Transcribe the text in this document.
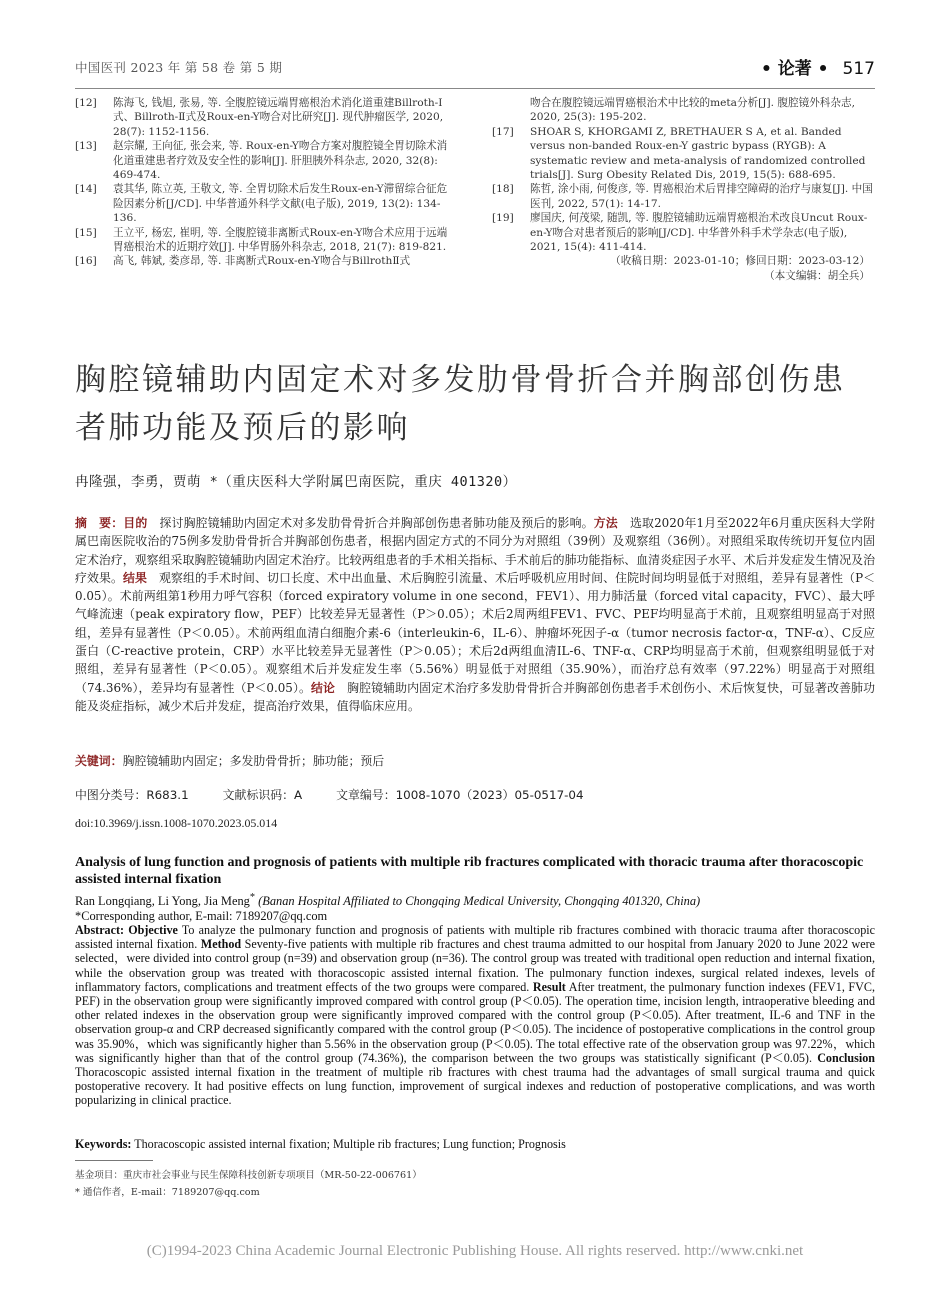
中国医刊 2023 年 第 58 卷 第 5 期	• 论著 • 517
[12]	陈海飞, 钱旭, 张易, 等. 全腹腔镜远端胃癌根治术消化道重建Billroth-Ⅰ式、Billroth-Ⅱ式及Roux-en-Y吻合对比研究[J]. 现代肿瘤医学, 2020, 28(7): 1152-1156.
[13]	赵宗耀, 王向征, 张会来, 等. Roux-en-Y吻合方案对腹腔镜全胃切除术消化道重建患者疗效及安全性的影响[J]. 肝胆胰外科杂志, 2020, 32(8): 469-474.
[14]	袁其华, 陈立英, 王敬文, 等. 全胃切除术后发生Roux-en-Y滞留综合征危险因素分析[J/CD]. 中华普通外科学文献(电子版), 2019, 13(2): 134-136.
[15]	王立平, 杨宏, 崔明, 等. 全腹腔镜非离断式Roux-en-Y吻合术应用于远端胃癌根治术的近期疗效[J]. 中华胃肠外科杂志, 2018, 21(7): 819-821.
[16]	高飞, 韩斌, 娄彦昂, 等. 非离断式Roux-en-Y吻合与BillrothⅡ式
吻合在腹腔镜远端胃癌根治术中比较的meta分析[J]. 腹腔镜外科杂志, 2020, 25(3): 195-202.
[17]	SHOAR S, KHORGAMI Z, BRETHAUER S A, et al. Banded versus non-banded Roux-en-Y gastric bypass (RYGB): A systematic review and meta-analysis of randomized controlled trials[J]. Surg Obesity Related Dis, 2019, 15(5): 688-695.
[18]	陈哲, 涂小雨, 何俊彦, 等. 胃癌根治术后胃排空障碍的治疗与康复[J]. 中国医刊, 2022, 57(1): 14-17.
[19]	廖国庆, 何茂梁, 随凯, 等. 腹腔镜辅助远端胃癌根治术改良Uncut Roux-en-Y吻合对患者预后的影响[J/CD]. 中华普外科手术学杂志(电子版), 2021, 15(4): 411-414.
（收稿日期：2023-01-10；修回日期：2023-03-12）
（本文编辑：胡全兵）
胸腔镜辅助内固定术对多发肋骨骨折合并胸部创伤患者肺功能及预后的影响
冉隆强，李勇，贾萌 *（重庆医科大学附属巴南医院，重庆 401320）
摘　要：目的　探讨胸腔镜辅助内固定术对多发肋骨骨折合并胸部创伤患者肺功能及预后的影响。方法　选取2020年1月至2022年6月重庆医科大学附属巴南医院收治的75例多发肋骨骨折合并胸部创伤患者，根据内固定方式的不同分为对照组（39例）及观察组（36例）。对照组采取传统切开复位内固定术治疗，观察组采取胸腔镜辅助内固定术治疗。比较两组患者的手术相关指标、手术前后的肺功能指标、血清炎症因子水平、术后并发症发生情况及治疗效果。结果　观察组的手术时间、切口长度、术中出血量、术后胸腔引流量、术后呼吸机应用时间、住院时间均明显低于对照组，差异有显著性（P＜0.05）。术前两组第1秒用力呼气容积（forced expiratory volume in one second，FEV1）、用力肺活量（forced vital capacity，FVC）、最大呼气峰流速（peak expiratory flow，PEF）比较差异无显著性（P＞0.05）；术后2周两组FEV1、FVC、PEF均明显高于术前，且观察组明显高于对照组，差异有显著性（P＜0.05）。术前两组血清白细胞介素-6（interleukin-6，IL-6）、肿瘤坏死因子-α（tumor necrosis factor-α，TNF-α）、C反应蛋白（C-reactive protein，CRP）水平比较差异无显著性（P＞0.05）；术后2d两组血清IL-6、TNF-α、CRP均明显高于术前，但观察组明显低于对照组，差异有显著性（P＜0.05）。观察组术后并发症发生率（5.56%）明显低于对照组（35.90%），而治疗总有效率（97.22%）明显高于对照组（74.36%），差异均有显著性（P＜0.05）。结论　胸腔镜辅助内固定术治疗多发肋骨骨折合并胸部创伤患者手术创伤小、术后恢复快，可显著改善肺功能及炎症指标，减少术后并发症，提高治疗效果，值得临床应用。
关键词：胸腔镜辅助内固定；多发肋骨骨折；肺功能；预后
中图分类号：R683.1	文献标识码：A	文章编号：1008-1070（2023）05-0517-04
doi:10.3969/j.issn.1008-1070.2023.05.014
Analysis of lung function and prognosis of patients with multiple rib fractures complicated with thoracic trauma after thoracoscopic assisted internal fixation
Ran Longqiang, Li Yong, Jia Meng* (Banan Hospital Affiliated to Chongqing Medical University, Chongqing 401320, China)
*Corresponding author, E-mail: 7189207@qq.com
Abstract: Objective To analyze the pulmonary function and prognosis of patients with multiple rib fractures combined with thoracic trauma after thoracoscopic assisted internal fixation. Method Seventy-five patients with multiple rib fractures and chest trauma admitted to our hospital from January 2020 to June 2022 were selected，were divided into control group (n=39) and observation group (n=36). The control group was treated with traditional open reduction and internal fixation, while the observation group was treated with thoracoscopic assisted internal fixation. The pulmonary function indexes, surgical related indexes, levels of inflammatory factors, complications and treatment effects of the two groups were compared. Result After treatment, the pulmonary function indexes (FEV1, FVC, PEF) in the observation group were significantly improved compared with control group (P＜0.05). The operation time, incision length, intraoperative bleeding and other related indexes in the observation group were significantly improved compared with the control group (P＜0.05). After treatment, IL-6 and TNF in the observation group-α and CRP decreased significantly compared with the control group (P＜0.05). The incidence of postoperative complications in the control group was 35.90%，which was significantly higher than 5.56% in the observation group (P＜0.05). The total effective rate of the observation group was 97.22%，which was significantly higher than that of the control group (74.36%), the comparison between the two groups was statistically significant (P＜0.05). Conclusion Thoracoscopic assisted internal fixation in the treatment of multiple rib fractures with chest trauma had the advantages of small surgical trauma and quick postoperative recovery. It had positive effects on lung function, improvement of surgical indexes and reduction of postoperative complications, and was worth popularizing in clinical practice.
Keywords: Thoracoscopic assisted internal fixation; Multiple rib fractures; Lung function; Prognosis
基金项目：重庆市社会事业与民生保障科技创新专项项目（MR-50-22-006761）
* 通信作者，E-mail：7189207@qq.com
(C)1994-2023 China Academic Journal Electronic Publishing House. All rights reserved. http://www.cnki.net
